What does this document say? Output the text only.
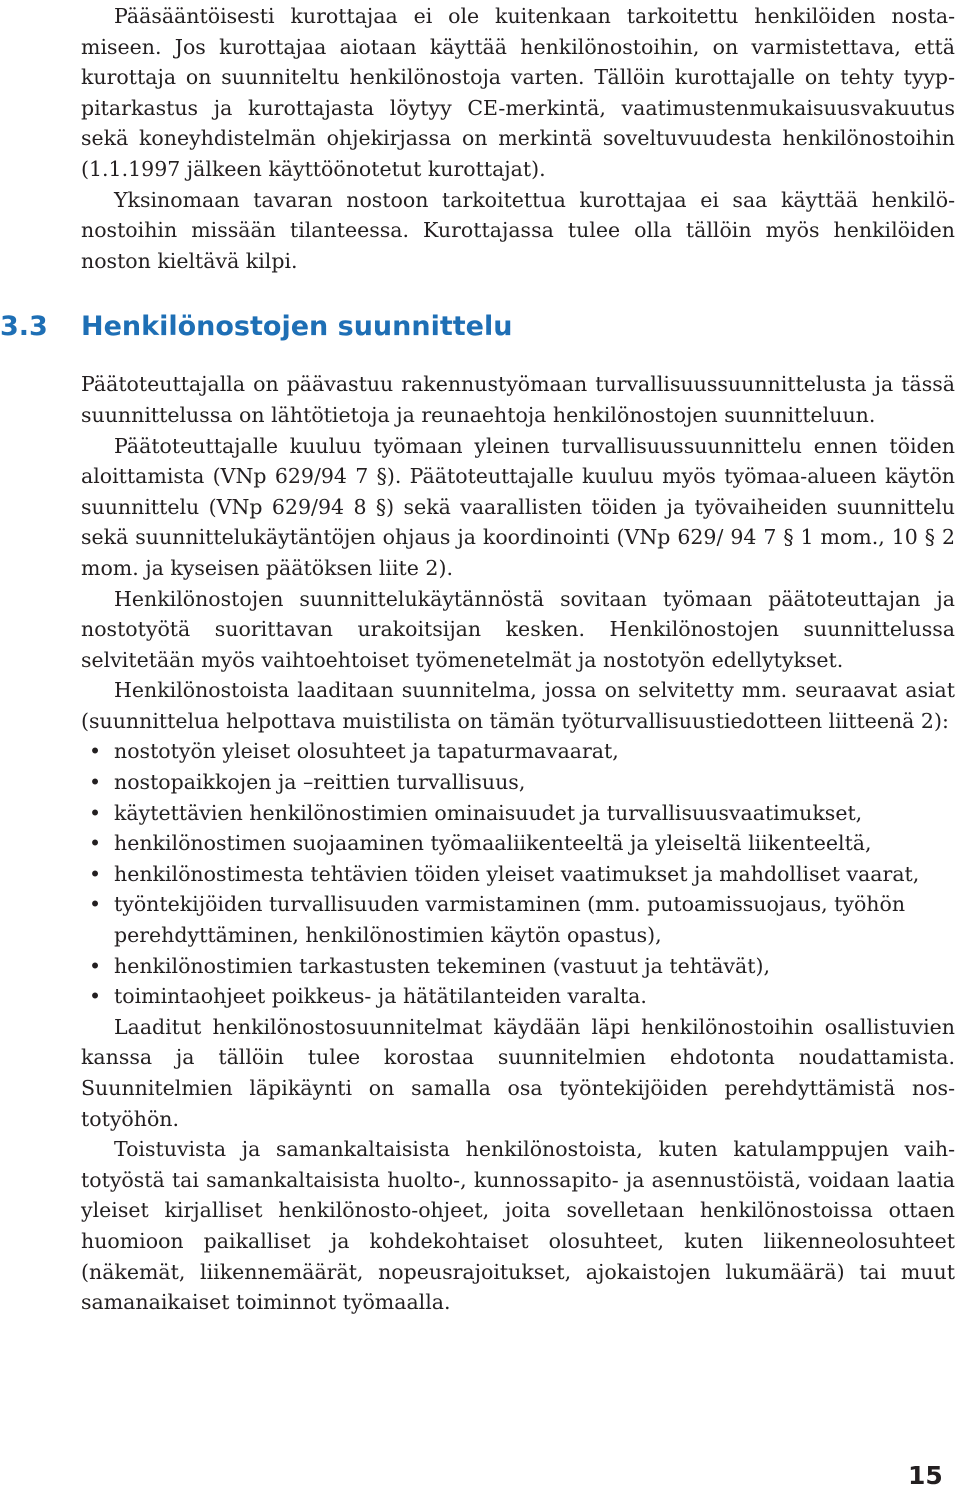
Pääsääntöisesti kurottajaa ei ole kuitenkaan tarkoitettu henkilöiden nostamiseen. Jos kurottajaa aiotaan käyttää henkilönostoihin, on varmistettava, että kurottaja on suunniteltu henkilönostoja varten. Tällöin kurottajalle on tehty tyyppitarkastus ja kurottajasta löytyy CE-merkintä, vaatimustenmukaisuusvakuutus sekä koneyhdistelmän ohjekirjassa on merkintä soveltuvuudesta henkilönostoihin (1.1.1997 jälkeen käyttöönotetut kurottajat).

Yksinomaan tavaran nostoon tarkoitettua kurottajaa ei saa käyttää henkilönostoihin missään tilanteessa. Kurottajassa tulee olla tällöin myös henkilöiden noston kieltävä kilpi.

3.3 Henkilönostojen suunnittelu

Päätoteuttajalla on päävastuu rakennustyömaan turvallisuussuunnittelusta ja tässä suunnittelussa on lähtötietoja ja reunaehtoja henkilönostojen suunnitteluun.

Päätoteuttajalle kuuluu työmaan yleinen turvallisuussuunnittelu ennen töiden aloittamista (VNp 629/94 7 §). Päätoteuttajalle kuuluu myös työmaa-alueen käytön suunnittelu (VNp 629/94 8 §) sekä vaarallisten töiden ja työvaiheiden suunnittelu sekä suunnittelukäytäntöjen ohjaus ja koordinointi (VNp 629/ 94 7 § 1 mom., 10 § 2 mom. ja kyseisen päätöksen liite 2).

Henkilönostojen suunnittelukäytännöstä sovitaan työmaan päätoteuttajan ja nostotyötä suorittavan urakoitsijan kesken. Henkilönostojen suunnittelussa selvitetään myös vaihtoehtoiset työmenetelmät ja nostotyön edellytykset.

Henkilönostoista laaditaan suunnitelma, jossa on selvitetty mm. seuraavat asiat (suunnittelua helpottava muistilista on tämän työturvallisuustiedotteen liitteenä 2):

• nostotyön yleiset olosuhteet ja tapaturmavaarat,
• nostopaikkojen ja –reittien turvallisuus,
• käytettävien henkilönostimien ominaisuudet ja turvallisuusvaatimukset,
• henkilönostimen suojaaminen työmaaliikenteeltä ja yleiseltä liikenteeltä,
• henkilönostimesta tehtävien töiden yleiset vaatimukset ja mahdolliset vaarat,
• työntekijöiden turvallisuuden varmistaminen (mm. putoamissuojaus, työhön perehdyttäminen, henkilönostimien käytön opastus),
• henkilönostimien tarkastusten tekeminen (vastuut ja tehtävät),
• toimintaohjeet poikkeus- ja hätätilanteiden varalta.

Laaditut henkilönostosuunnitelmat käydään läpi henkilönostoihin osallistuvien kanssa ja tällöin tulee korostaa suunnitelmien ehdotonta noudattamista. Suunnitelmien läpikäynti on samalla osa työntekijöiden perehdyttämistä nostotyöhön.

Toistuvista ja samankaltaisista henkilönostoista, kuten katulamppujen vaihtotyöstä tai samankaltaisista huolto-, kunnossapito- ja asennustöistä, voidaan laatia yleiset kirjalliset henkilönosto-ohjeet, joita sovelletaan henkilönostoissa ottaen huomioon paikalliset ja kohdekohtaiset olosuhteet, kuten liikenneolosuhteet (näkemät, liikennemäärät, nopeusrajoitukset, ajokaistojen lukumäärä) tai muut samanaikaiset toiminnot työmaalla.

15
